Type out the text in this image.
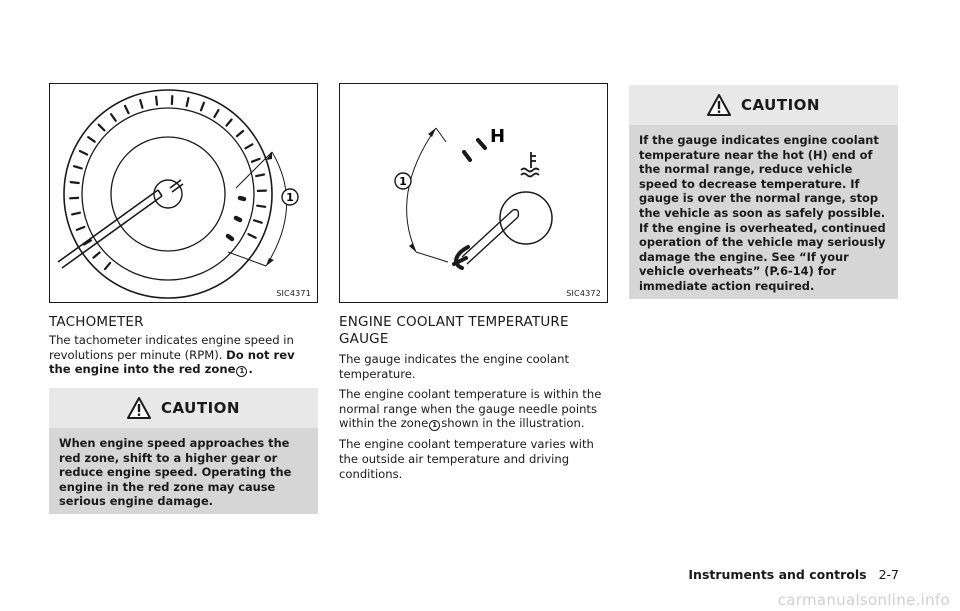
1
SIC4371
H
1
SIC4372
TACHOMETER

The tachometer indicates engine speed in revolutions per minute (RPM). Do not rev the engine into the red zone 1 .

CAUTION
When engine speed approaches the red zone, shift to a higher gear or reduce engine speed. Operating the engine in the red zone may cause serious engine damage.
ENGINE COOLANT TEMPERATURE GAUGE

The gauge indicates the engine coolant temperature.

The engine coolant temperature is within the normal range when the gauge needle points within the zone 1 shown in the illustration.

The engine coolant temperature varies with the outside air temperature and driving conditions.

CAUTION
If the gauge indicates engine coolant temperature near the hot (H) end of the normal range, reduce vehicle speed to decrease temperature. If gauge is over the normal range, stop the vehicle as soon as safely possible. If the engine is overheated, continued operation of the vehicle may seriously damage the engine. See “If your vehicle overheats” (P.6-14) for immediate action required.
Instruments and controls 2-7
carmanualsonline.info
